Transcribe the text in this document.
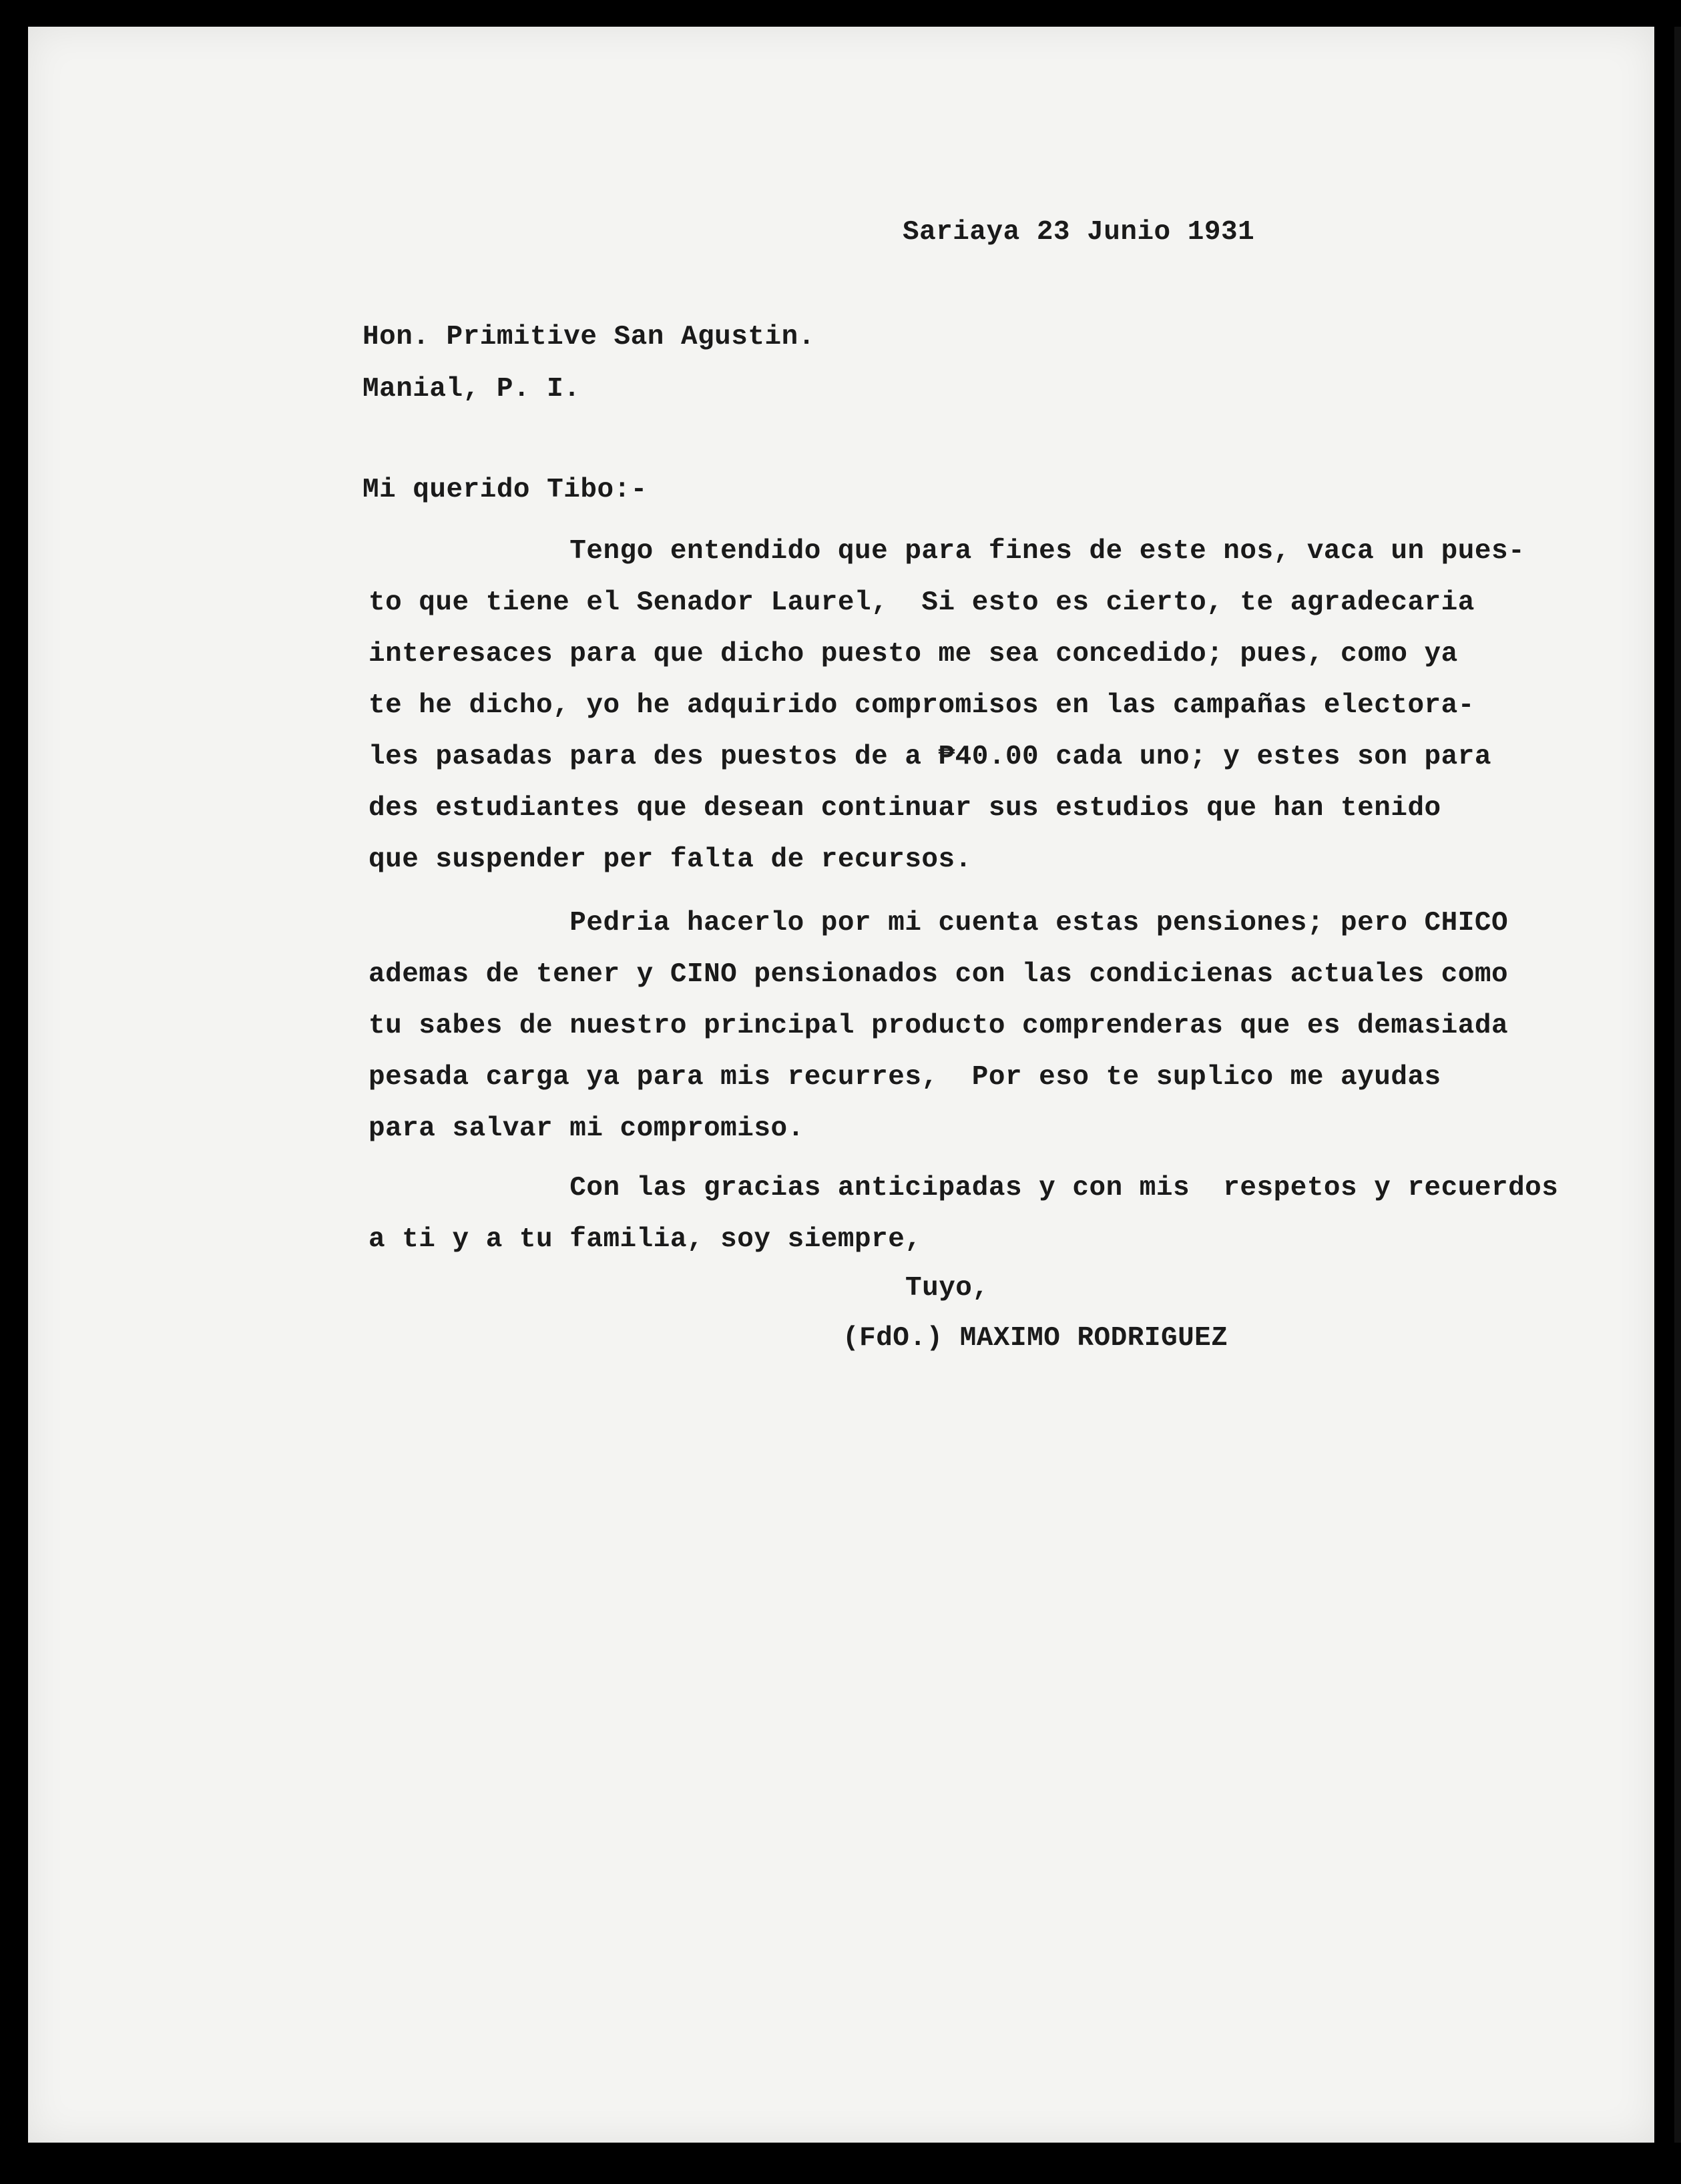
Sariaya 23 Junio 1931
Hon. Primitive San Agustin.
Manial, P. I.
Mi querido Tibo:-
Tengo entendido que para fines de este nos, vaca un pues-
to que tiene el Senador Laurel,  Si esto es cierto, te agradecaria
interesaces para que dicho puesto me sea concedido; pues, como ya
te he dicho, yo he adquirido compromisos en las campañas electora-
les pasadas para des puestos de a ₱40.00 cada uno; y estes son para
des estudiantes que desean continuar sus estudios que han tenido
que suspender per falta de recursos.
Pedria hacerlo por mi cuenta estas pensiones; pero CHICO
ademas de tener y CINO pensionados con las condicienas actuales como
tu sabes de nuestro principal producto comprenderas que es demasiada
pesada carga ya para mis recurres,  Por eso te suplico me ayudas
para salvar mi compromiso.
Con las gracias anticipadas y con mis  respetos y recuerdos
a ti y a tu familia, soy siempre,
Tuyo,
(FdO.) MAXIMO RODRIGUEZ
